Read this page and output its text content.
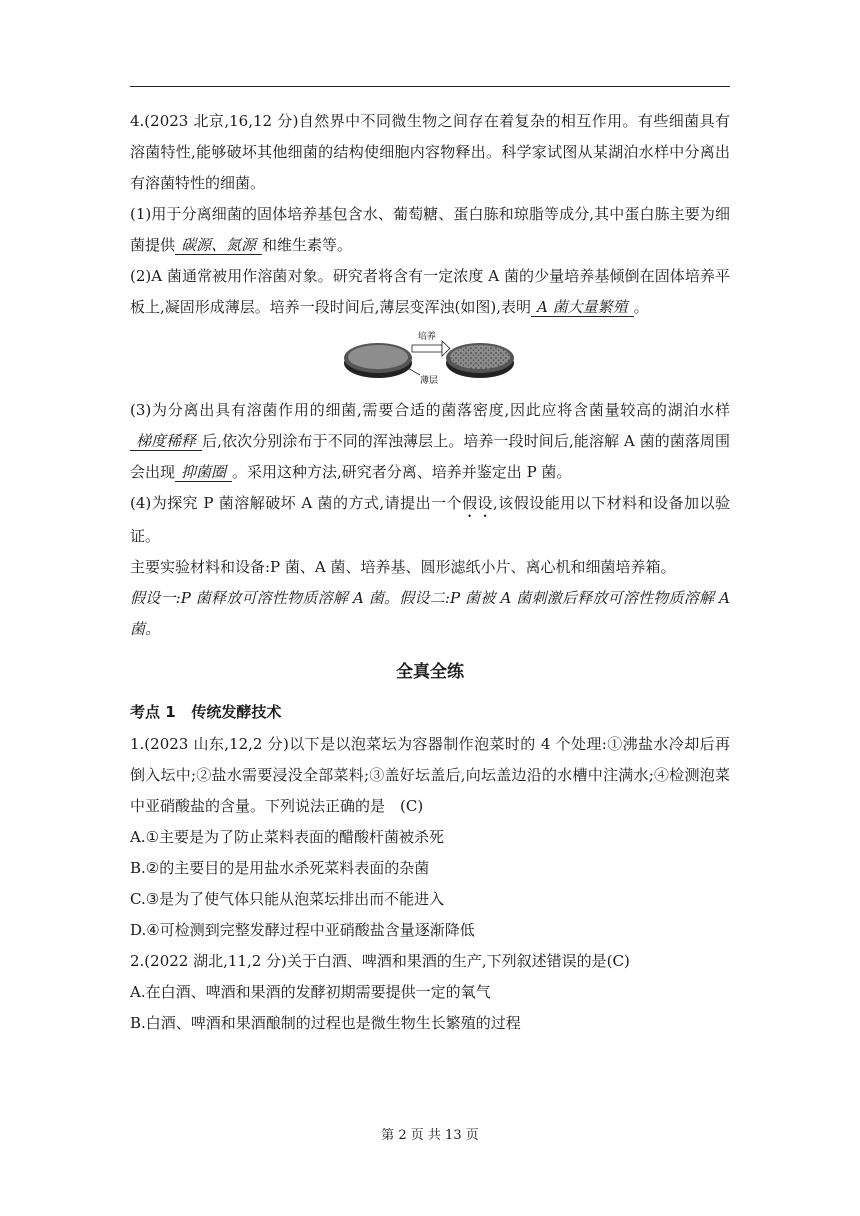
4.(2023 北京,16,12 分)自然界中不同微生物之间存在着复杂的相互作用。有些细菌具有溶菌特性,能够破坏其他细菌的结构使细胞内容物释出。科学家试图从某湖泊水样中分离出有溶菌特性的细菌。

(1)用于分离细菌的固体培养基包含水、葡萄糖、蛋白胨和琼脂等成分,其中蛋白胨主要为细菌提供 碳源、氮源 和维生素等。

(2)A 菌通常被用作溶菌对象。研究者将含有一定浓度 A 菌的少量培养基倾倒在固体培养平板上,凝固形成薄层。培养一段时间后,薄层变浑浊(如图),表明 A 菌大量繁殖 。

培养
薄层

(3)为分离出具有溶菌作用的细菌,需要合适的菌落密度,因此应将含菌量较高的湖泊水样梯度稀释 后,依次分别涂布于不同的浑浊薄层上。培养一段时间后,能溶解 A 菌的菌落周围会出现 抑菌圈 。采用这种方法,研究者分离、培养并鉴定出 P 菌。

(4)为探究 P 菌溶解破坏 A 菌的方式,请提出一个假设,该假设能用以下材料和设备加以验证。

主要实验材料和设备:P 菌、A 菌、培养基、圆形滤纸小片、离心机和细菌培养箱。

假设一:P 菌释放可溶性物质溶解 A 菌。假设二:P 菌被 A 菌刺激后释放可溶性物质溶解 A 菌。

全真全练
考点 1 传统发酵技术

1.(2023 山东,12,2 分)以下是以泡菜坛为容器制作泡菜时的 4 个处理:①沸盐水冷却后再倒入坛中;②盐水需要浸没全部菜料;③盖好坛盖后,向坛盖边沿的水槽中注满水;④检测泡菜中亚硝酸盐的含量。下列说法正确的是　(C)

A.①主要是为了防止菜料表面的醋酸杆菌被杀死

B.②的主要目的是用盐水杀死菜料表面的杂菌

C.③是为了使气体只能从泡菜坛排出而不能进入

D.④可检测到完整发酵过程中亚硝酸盐含量逐渐降低

2.(2022 湖北,11,2 分)关于白酒、啤酒和果酒的生产,下列叙述错误的是(C)

A.在白酒、啤酒和果酒的发酵初期需要提供一定的氧气

B.白酒、啤酒和果酒酿制的过程也是微生物生长繁殖的过程

第 2 页 共 13 页
